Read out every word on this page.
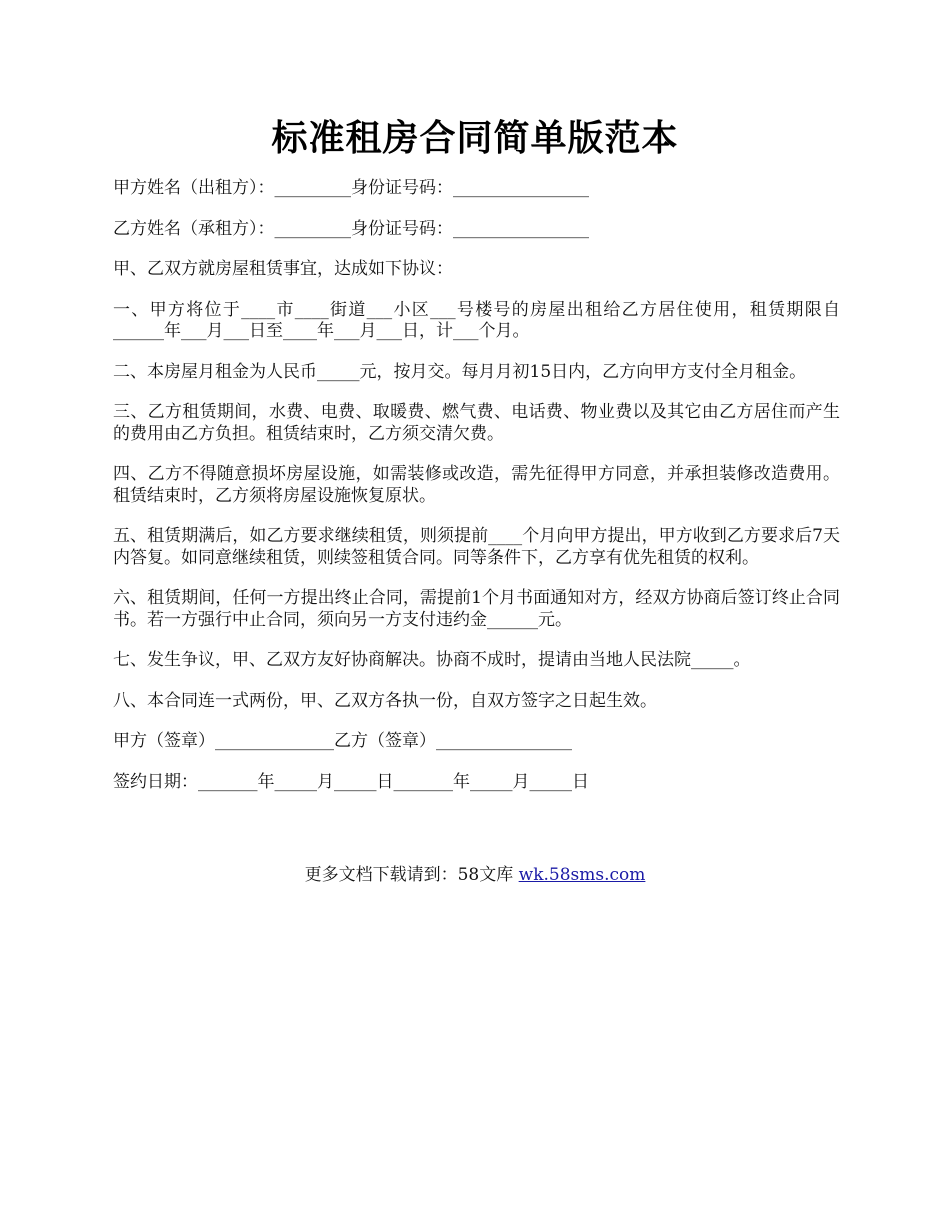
标准租房合同简单版范本

甲方姓名（出租方）：_________身份证号码：________________

乙方姓名（承租方）：_________身份证号码：________________

甲、乙双方就房屋租赁事宜，达成如下协议：

一、甲方将位于____市____街道___小区___号楼号的房屋出租给乙方居住使用，租赁期限自______年___月___日至____年___月___日，计___个月。

二、本房屋月租金为人民币_____元，按月交。每月月初15日内，乙方向甲方支付全月租金。

三、乙方租赁期间，水费、电费、取暖费、燃气费、电话费、物业费以及其它由乙方居住而产生的费用由乙方负担。租赁结束时，乙方须交清欠费。

四、乙方不得随意损坏房屋设施，如需装修或改造，需先征得甲方同意，并承担装修改造费用。租赁结束时，乙方须将房屋设施恢复原状。

五、租赁期满后，如乙方要求继续租赁，则须提前____个月向甲方提出，甲方收到乙方要求后7天内答复。如同意继续租赁，则续签租赁合同。同等条件下，乙方享有优先租赁的权利。

六、租赁期间，任何一方提出终止合同，需提前1个月书面通知对方，经双方协商后签订终止合同书。若一方强行中止合同，须向另一方支付违约金______元。

七、发生争议，甲、乙双方友好协商解决。协商不成时，提请由当地人民法院_____。

八、本合同连一式两份，甲、乙双方各执一份，自双方签字之日起生效。

甲方（签章）______________乙方（签章）________________

签约日期：_______年_____月_____日_______年_____月_____日

更多文档下载请到：58文库 wk.58sms.com
